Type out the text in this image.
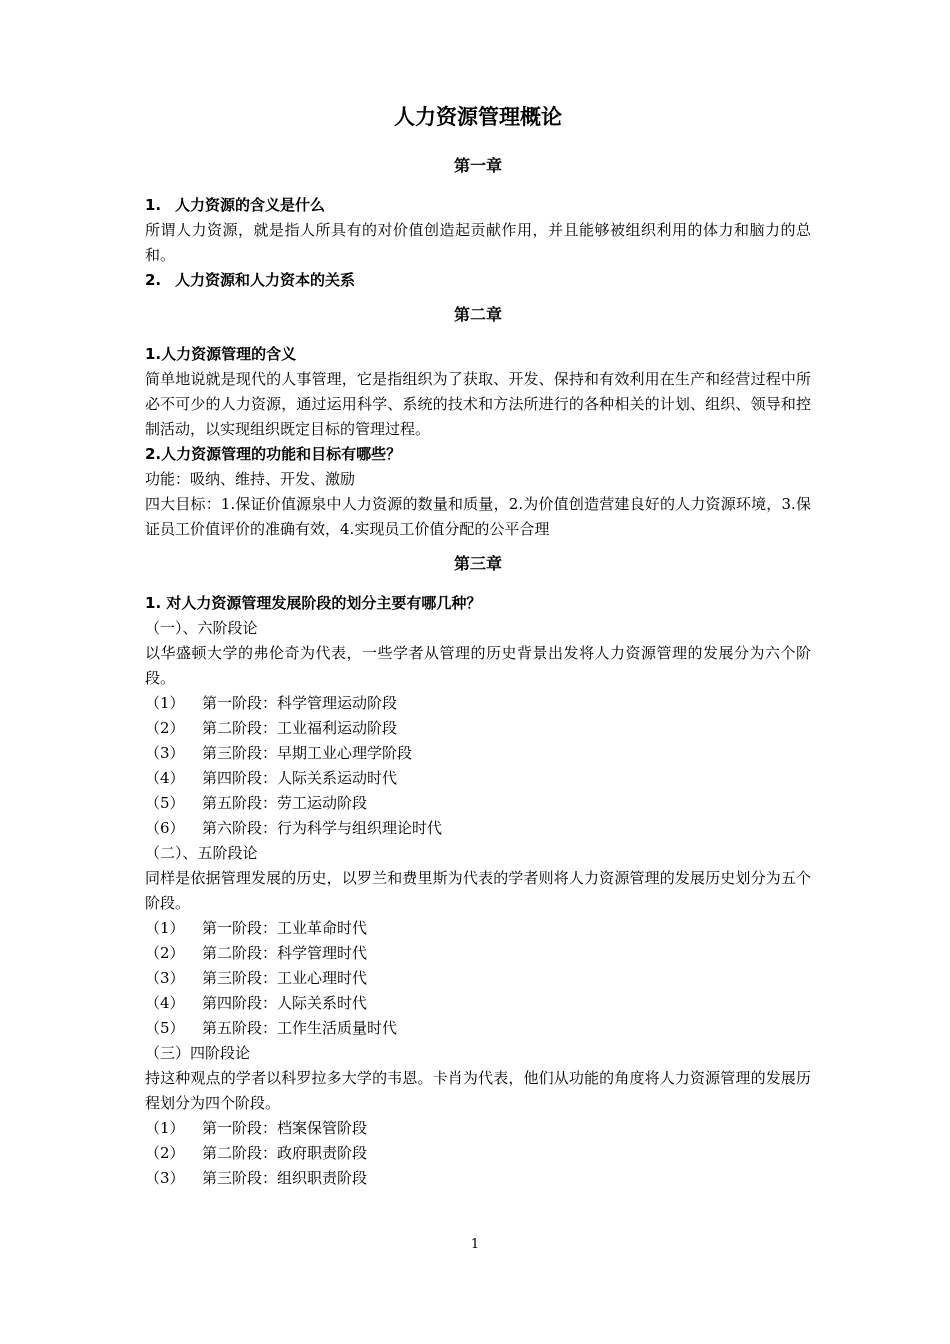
人力资源管理概论
第一章
1. 人力资源的含义是什么
所谓人力资源，就是指人所具有的对价值创造起贡献作用，并且能够被组织利用的体力和脑力的总和。
2. 人力资源和人力资本的关系
第二章
1.人力资源管理的含义
简单地说就是现代的人事管理，它是指组织为了获取、开发、保持和有效利用在生产和经营过程中所必不可少的人力资源，通过运用科学、系统的技术和方法所进行的各种相关的计划、组织、领导和控制活动，以实现组织既定目标的管理过程。
2.人力资源管理的功能和目标有哪些？
功能：吸纳、维持、开发、激励
四大目标：1.保证价值源泉中人力资源的数量和质量，2.为价值创造营建良好的人力资源环境，3.保证员工价值评价的准确有效，4.实现员工价值分配的公平合理
第三章
1. 对人力资源管理发展阶段的划分主要有哪几种？
（一）、六阶段论
以华盛顿大学的弗伦奇为代表，一些学者从管理的历史背景出发将人力资源管理的发展分为六个阶段。
（1） 第一阶段：科学管理运动阶段
（2） 第二阶段：工业福利运动阶段
（3） 第三阶段：早期工业心理学阶段
（4） 第四阶段：人际关系运动时代
（5） 第五阶段：劳工运动阶段
（6） 第六阶段：行为科学与组织理论时代
（二）、五阶段论
同样是依据管理发展的历史，以罗兰和费里斯为代表的学者则将人力资源管理的发展历史划分为五个阶段。
（1） 第一阶段：工业革命时代
（2） 第二阶段：科学管理时代
（3） 第三阶段：工业心理时代
（4） 第四阶段：人际关系时代
（5） 第五阶段：工作生活质量时代
（三）四阶段论
持这种观点的学者以科罗拉多大学的韦恩。卡肖为代表，他们从功能的角度将人力资源管理的发展历程划分为四个阶段。
（1） 第一阶段：档案保管阶段
（2） 第二阶段：政府职责阶段
（3） 第三阶段：组织职责阶段
1
